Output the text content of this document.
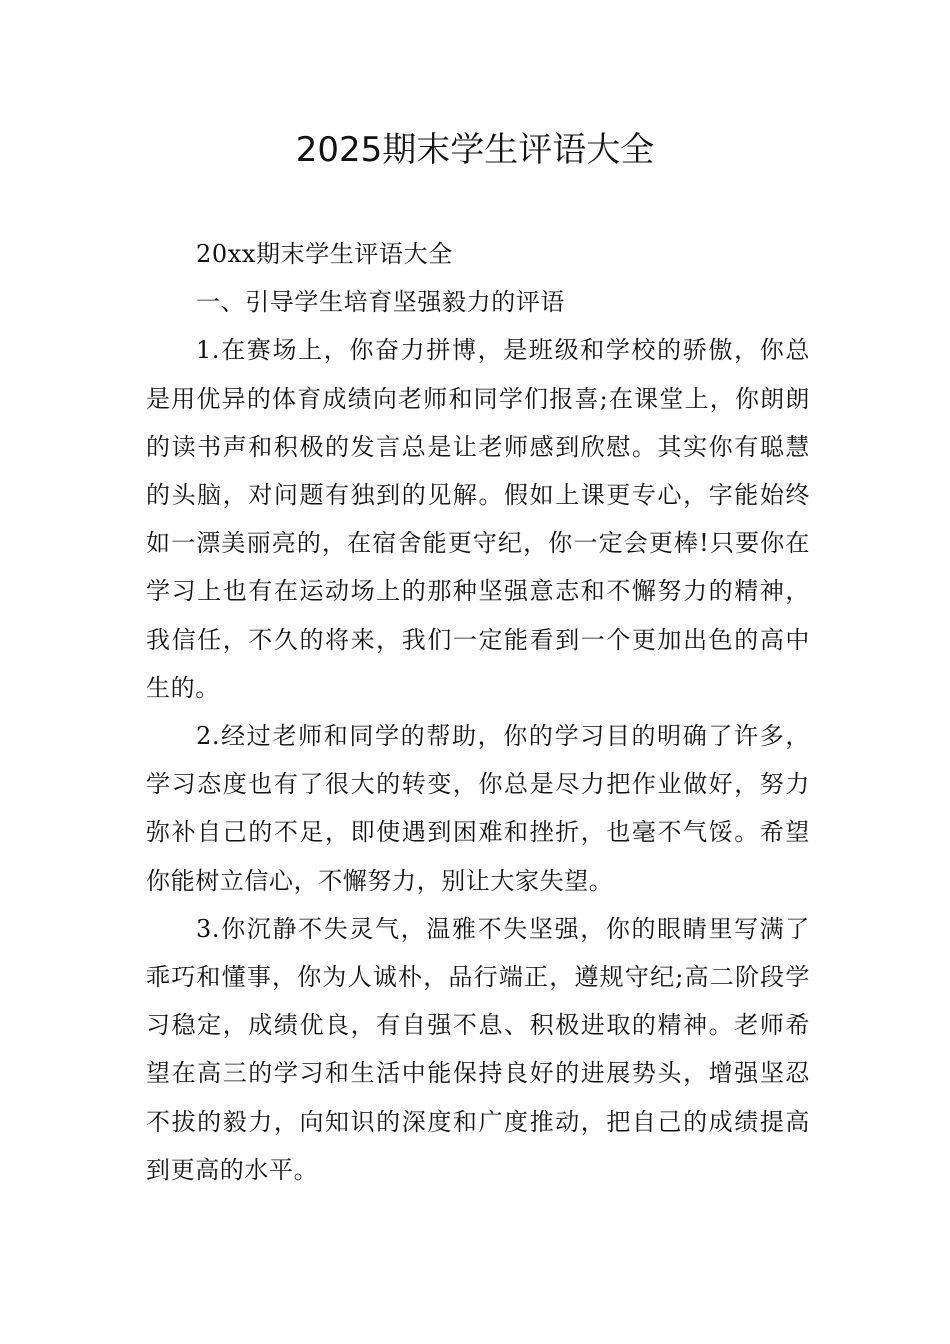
2025期末学生评语大全

20xx期末学生评语大全

一、引导学生培育坚强毅力的评语

1.在赛场上，你奋力拼博，是班级和学校的骄傲，你总是用优异的体育成绩向老师和同学们报喜;在课堂上，你朗朗的读书声和积极的发言总是让老师感到欣慰。其实你有聪慧的头脑，对问题有独到的见解。假如上课更专心，字能始终如一漂美丽亮的，在宿舍能更守纪，你一定会更棒!只要你在学习上也有在运动场上的那种坚强意志和不懈努力的精神，我信任，不久的将来，我们一定能看到一个更加出色的高中生的。

2.经过老师和同学的帮助，你的学习目的明确了许多，学习态度也有了很大的转变，你总是尽力把作业做好，努力弥补自己的不足，即使遇到困难和挫折，也毫不气馁。希望你能树立信心，不懈努力，别让大家失望。

3.你沉静不失灵气，温雅不失坚强，你的眼睛里写满了乖巧和懂事，你为人诚朴，品行端正，遵规守纪;高二阶段学习稳定，成绩优良，有自强不息、积极进取的精神。老师希望在高三的学习和生活中能保持良好的进展势头，增强坚忍不拔的毅力，向知识的深度和广度推动，把自己的成绩提高到更高的水平。
